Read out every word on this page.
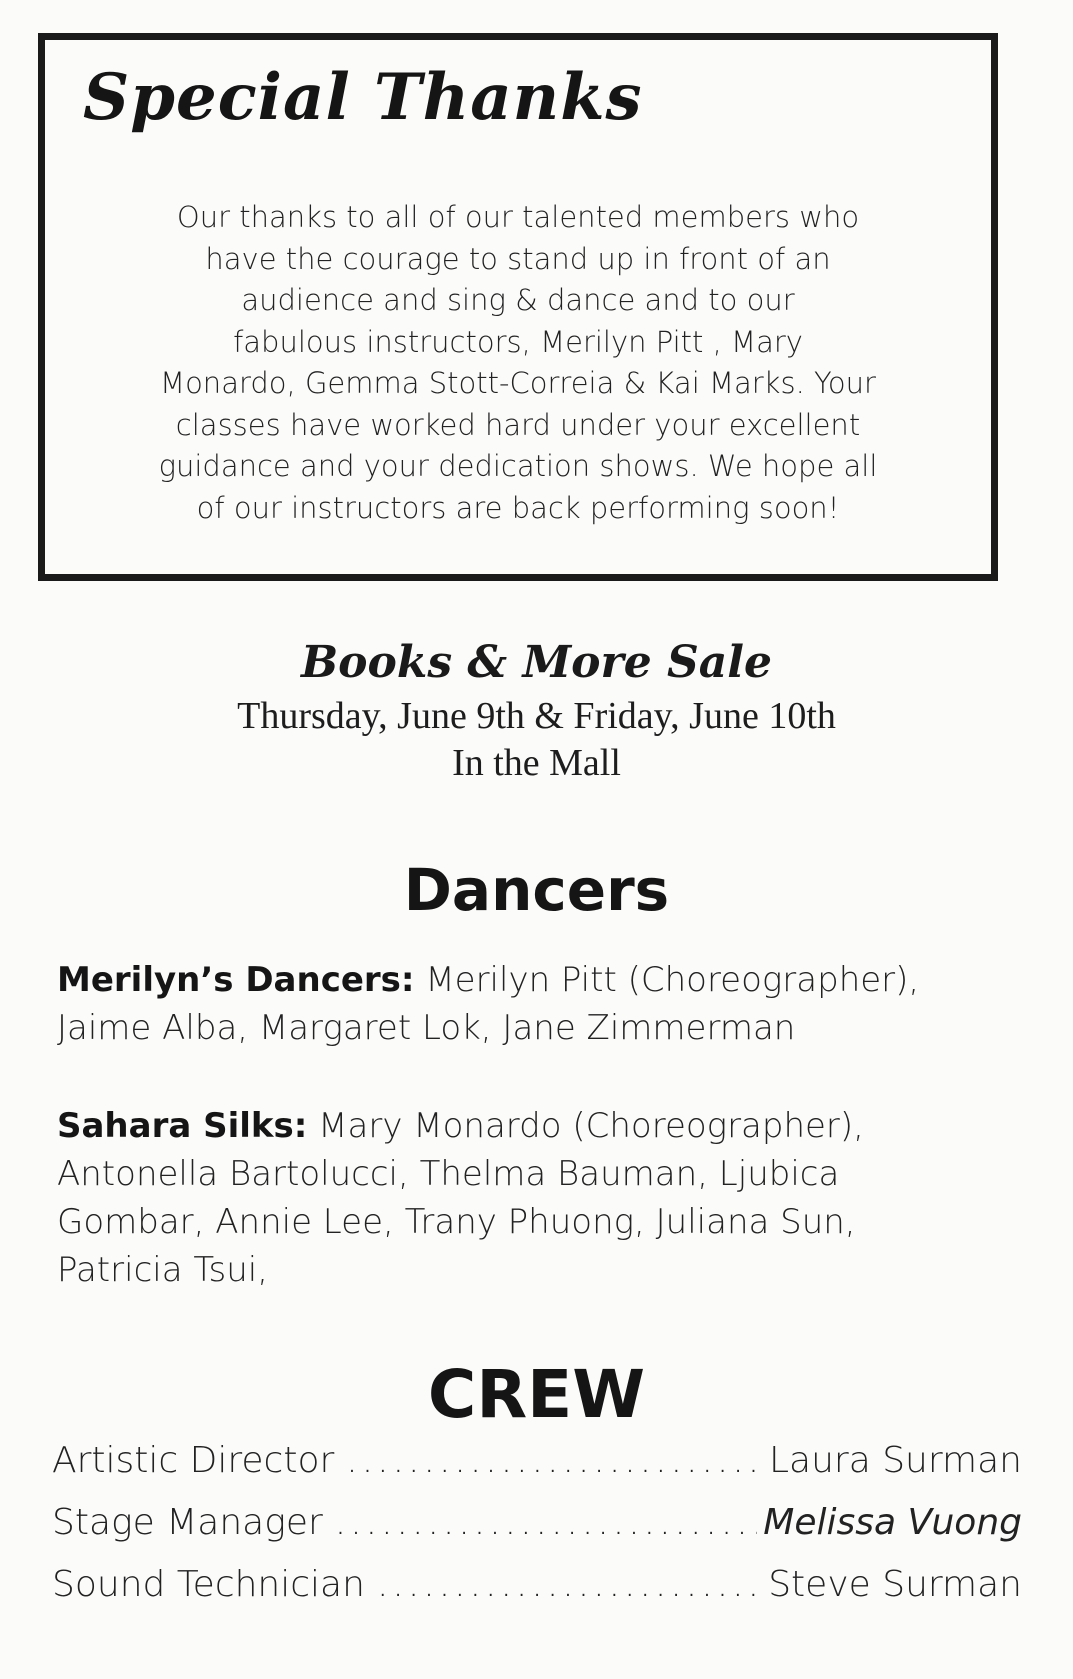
Special Thanks
Our thanks to all of our talented members who
have the courage to stand up in front of an
audience and sing & dance and to our
fabulous instructors, Merilyn Pitt , Mary
Monardo, Gemma Stott-Correia & Kai Marks. Your
classes have worked hard under your excellent
guidance and your dedication shows. We hope all
of our instructors are back performing soon!
Books & More Sale
Thursday, June 9th & Friday, June 10th
In the Mall
Dancers
Merilyn’s Dancers: Merilyn Pitt (Choreographer),
Jaime Alba, Margaret Lok, Jane Zimmerman
Sahara Silks: Mary Monardo (Choreographer),
Antonella Bartolucci, Thelma Bauman, Ljubica
Gombar, Annie Lee, Trany Phuong, Juliana Sun,
Patricia Tsui,
CREW
Artistic Director .....	Laura Surman
Stage Manager .....	Melissa Vuong
Sound Technician .....	Steve Surman
